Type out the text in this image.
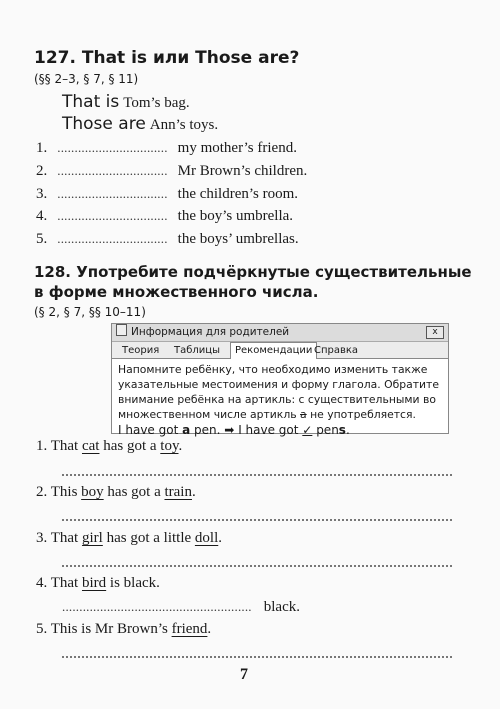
127. That is или Those are?
(§§ 2–3, § 7, § 11)
That is Tom’s bag.
Those are Ann’s toys.
1. ................................ my mother’s friend.
2. ................................ Mr Brown’s children.
3. ................................ the children’s room.
4. ................................ the boy’s umbrella.
5. ................................ the boys’ umbrellas.
128. Употребите подчёркнутые существительные
в форме множественного числа.
(§ 2, § 7, §§ 10–11)
Информация для родителей	x
Теория	Таблицы	Рекомендации Справка
Напомните ребёнку, что необходимо изменить также
указательные местоимения и форму глагола. Обратите
внимание ребёнка на артикль: с существительными во
множественном числе артикль a не употребляется.
I have got a pen. ➡ I have got ✓ pens.
1. That cat has got a toy.
2. This boy has got a train.
3. That girl has got a little doll.
4. That bird is black.
....................................................... black.
5. This is Mr Brown’s friend.
7
